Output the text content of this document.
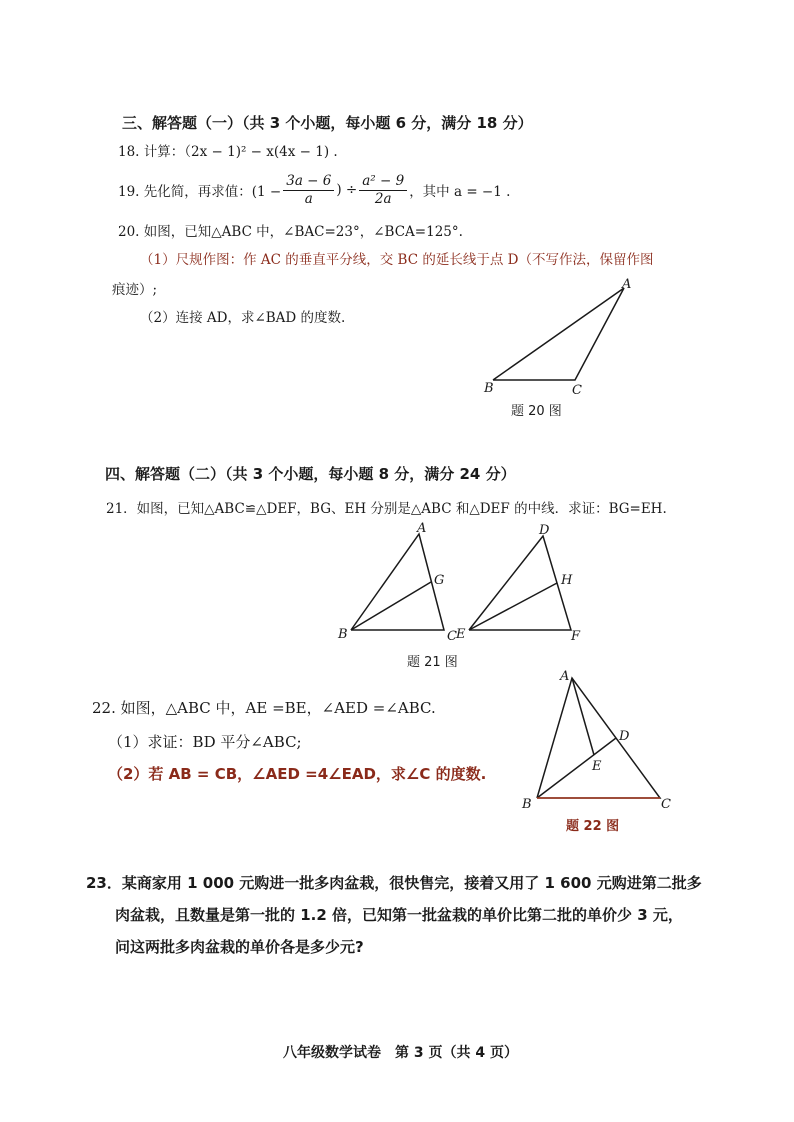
三、解答题（一）（共 3 个小题，每小题 6 分，满分 18 分）
18. 计算：（2x − 1)² − x(4x − 1) .
19. 先化简，再求值：($1 - \frac{3a - 6}{a}$ ) ÷ $\frac{\text{a² − 9}}{2a}$ ，其中 a = −1 .
20. 如图，已知△ABC 中，∠BAC=23°，∠BCA=125°.
（1）尺规作图：作 AC 的垂直平分线，交 BC 的延长线于点 D（不写作法，保留作图
痕迹）;
（2）连接 AD，求∠BAD 的度数.
A
B	C
题 20 图
四、解答题（二）（共 3 个小题，每小题 8 分，满分 24 分）
21．如图，已知△ABC≌△DEF，BG、EH 分别是△ABC 和△DEF 的中线．求证：BG=EH.
A
G
B	C
D
H
E	F
题 21 图
22. 如图，△ABC 中，AE =BE，∠AED =∠ABC.
（1）求证：BD 平分∠ABC;
（2）若 AB = CB，∠AED =4∠EAD，求∠C 的度数.
A
D
E
B	C
题 22 图
23．某商家用 1 000 元购进一批多肉盆栽，很快售完，接着又用了 1 600 元购进第二批多
肉盆栽，且数量是第一批的 1.2 倍，已知第一批盆栽的单价比第二批的单价少 3 元，
问这两批多肉盆栽的单价各是多少元?
八年级数学试卷　第 3 页（共 4 页）
